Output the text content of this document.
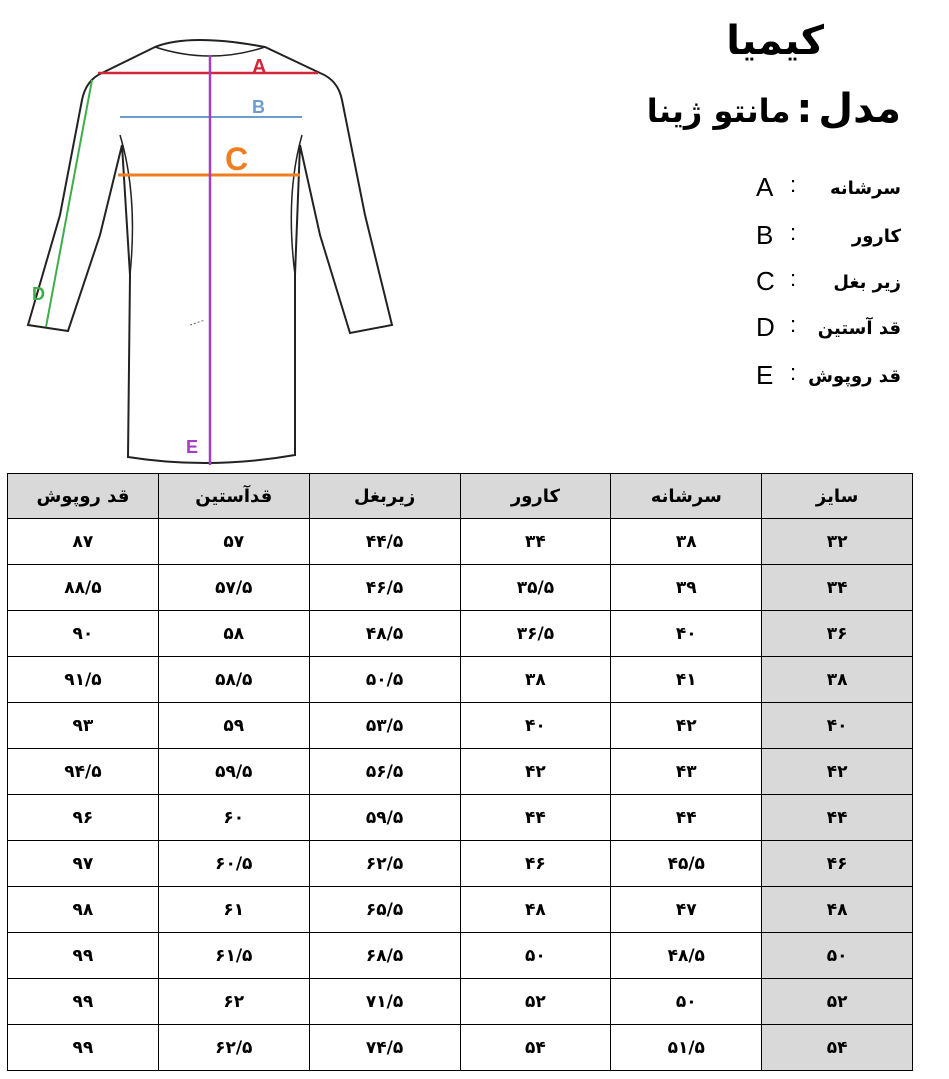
A
B
C
D
E
کیمیا
مدل:مانتو ژینا
A : سرشانه
B :	کارور
C : زیر بغل
D : قد آستین
E : قد روپوش
سایز	سرشانه	کارور	زیربغل	قدآستین	قد روپوش
۳۲	۳۸	۳۴	۴۴/۵	۵۷	۸۷
۳۴	۳۹	۳۵/۵	۴۶/۵	۵۷/۵	۸۸/۵
۳۶	۴۰	۳۶/۵	۴۸/۵	۵۸	۹۰
۳۸	۴۱	۳۸	۵۰/۵	۵۸/۵	۹۱/۵
۴۰	۴۲	۴۰	۵۳/۵	۵۹	۹۳
۴۲	۴۳	۴۲	۵۶/۵	۵۹/۵	۹۴/۵
۴۴	۴۴	۴۴	۵۹/۵	۶۰	۹۶
۴۶	۴۵/۵	۴۶	۶۲/۵	۶۰/۵	۹۷
۴۸	۴۷	۴۸	۶۵/۵	۶۱	۹۸
۵۰	۴۸/۵	۵۰	۶۸/۵	۶۱/۵	۹۹
۵۲	۵۰	۵۲	۷۱/۵	۶۲	۹۹
۵۴	۵۱/۵	۵۴	۷۴/۵	۶۲/۵	۹۹
